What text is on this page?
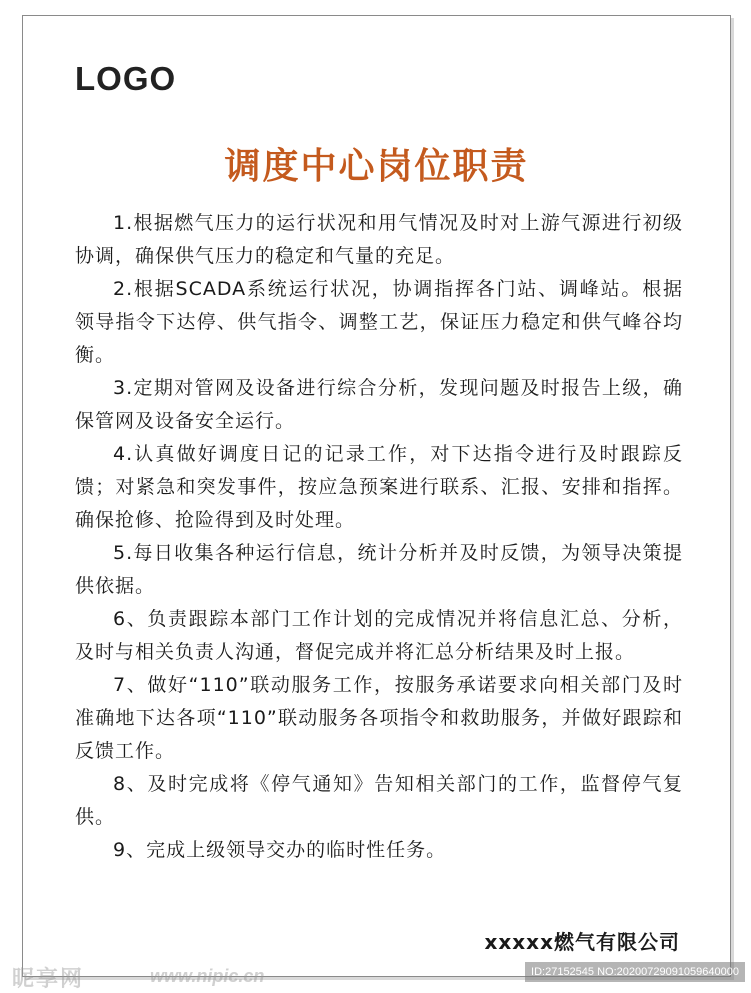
LOGO
调度中心岗位职责
1.根据燃气压力的运行状况和用气情况及时对上游气源进行初级协调，确保供气压力的稳定和气量的充足。
2.根据SCADA系统运行状况，协调指挥各门站、调峰站。根据领导指令下达停、供气指令、调整工艺，保证压力稳定和供气峰谷均衡。
3.定期对管网及设备进行综合分析，发现问题及时报告上级，确保管网及设备安全运行。
4.认真做好调度日记的记录工作，对下达指令进行及时跟踪反馈；对紧急和突发事件，按应急预案进行联系、汇报、安排和指挥。确保抢修、抢险得到及时处理。
5.每日收集各种运行信息，统计分析并及时反馈，为领导决策提供依据。
6、负责跟踪本部门工作计划的完成情况并将信息汇总、分析，及时与相关负责人沟通，督促完成并将汇总分析结果及时上报。
7、做好“110”联动服务工作，按服务承诺要求向相关部门及时准确地下达各项“110”联动服务各项指令和救助服务，并做好跟踪和反馈工作。
8、及时完成将《停气通知》告知相关部门的工作，监督停气复供。
9、完成上级领导交办的临时性任务。
xxxxx燃气有限公司
昵享网	www.nipic.cn	ID:27152545 NO:20200729091059640000
